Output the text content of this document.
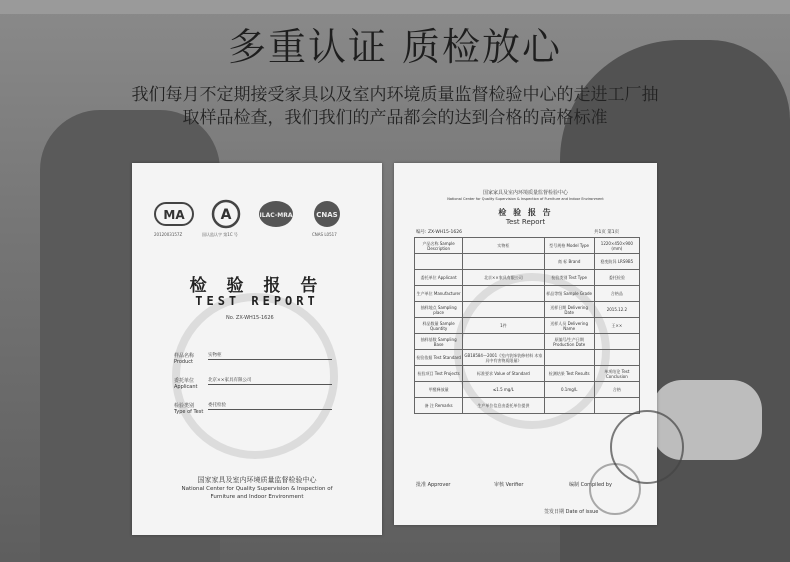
多重认证 质检放心
我们每月不定期接受家具以及室内环境质量监督检验中心的走进工厂抽
取样品检查，我们我们的产品都会的达到合格的高格标准
MA	A	ILAC-MRA	CNAS
2012003157Z	国认监认字 第1C 号	CNAS L0517
检 验 报 告
TEST REPORT
No. ZX-WH15-1626
样品名称
Product实物柜
委托单位
Applicant北京××家具有限公司
检验类别
Type of Test委托检验
国家家具及室内环境质量监督检验中心
National Center for Quality Supervision & Inspection of
Furniture and Indoor Environment
国家家具及室内环境质量监督检验中心
National Center for Quality Supervision & Inspection of Furniture and Indoor Environment
检 验 报 告
Test Report
编号: ZX-WH15-1626	共1页 第1页
产品名称 Sample Description	实物柜	型号规格 Model Type	1220×450×900 (mm)
		商 标 Brand	稳变防异 LRS9B5
委托单位 Applicant	北京××家具有限公司	检验类别 Test Type	委托检验
生产单位 Manufacturer		样品等级 Sample Grade	合格品
抽样地点 Sampling place		送样日期 Delivering Date	2015.12.2
样品数量 Sample Quantity	1件	送样人员 Delivering Name	王××
抽样基数 Sampling Base		原编号/生产日期 Production Date	
检验依据 Test Standard	GB18584—2001《室内装饰装修材料 木家具中有害物质限量》		
检验项目 Test Projects	标准要求 Value of Standard	检测结果 Test Results	单项结论 Test Conclusion
甲醛释放量	≤1.5 mg/L	0.1mg/L	合格
备 注 Remarks	生产单位信息由委托单位提供		
批准 Approver	审核 Verifier	编制 Compiled by
签发日期 Date of issue
